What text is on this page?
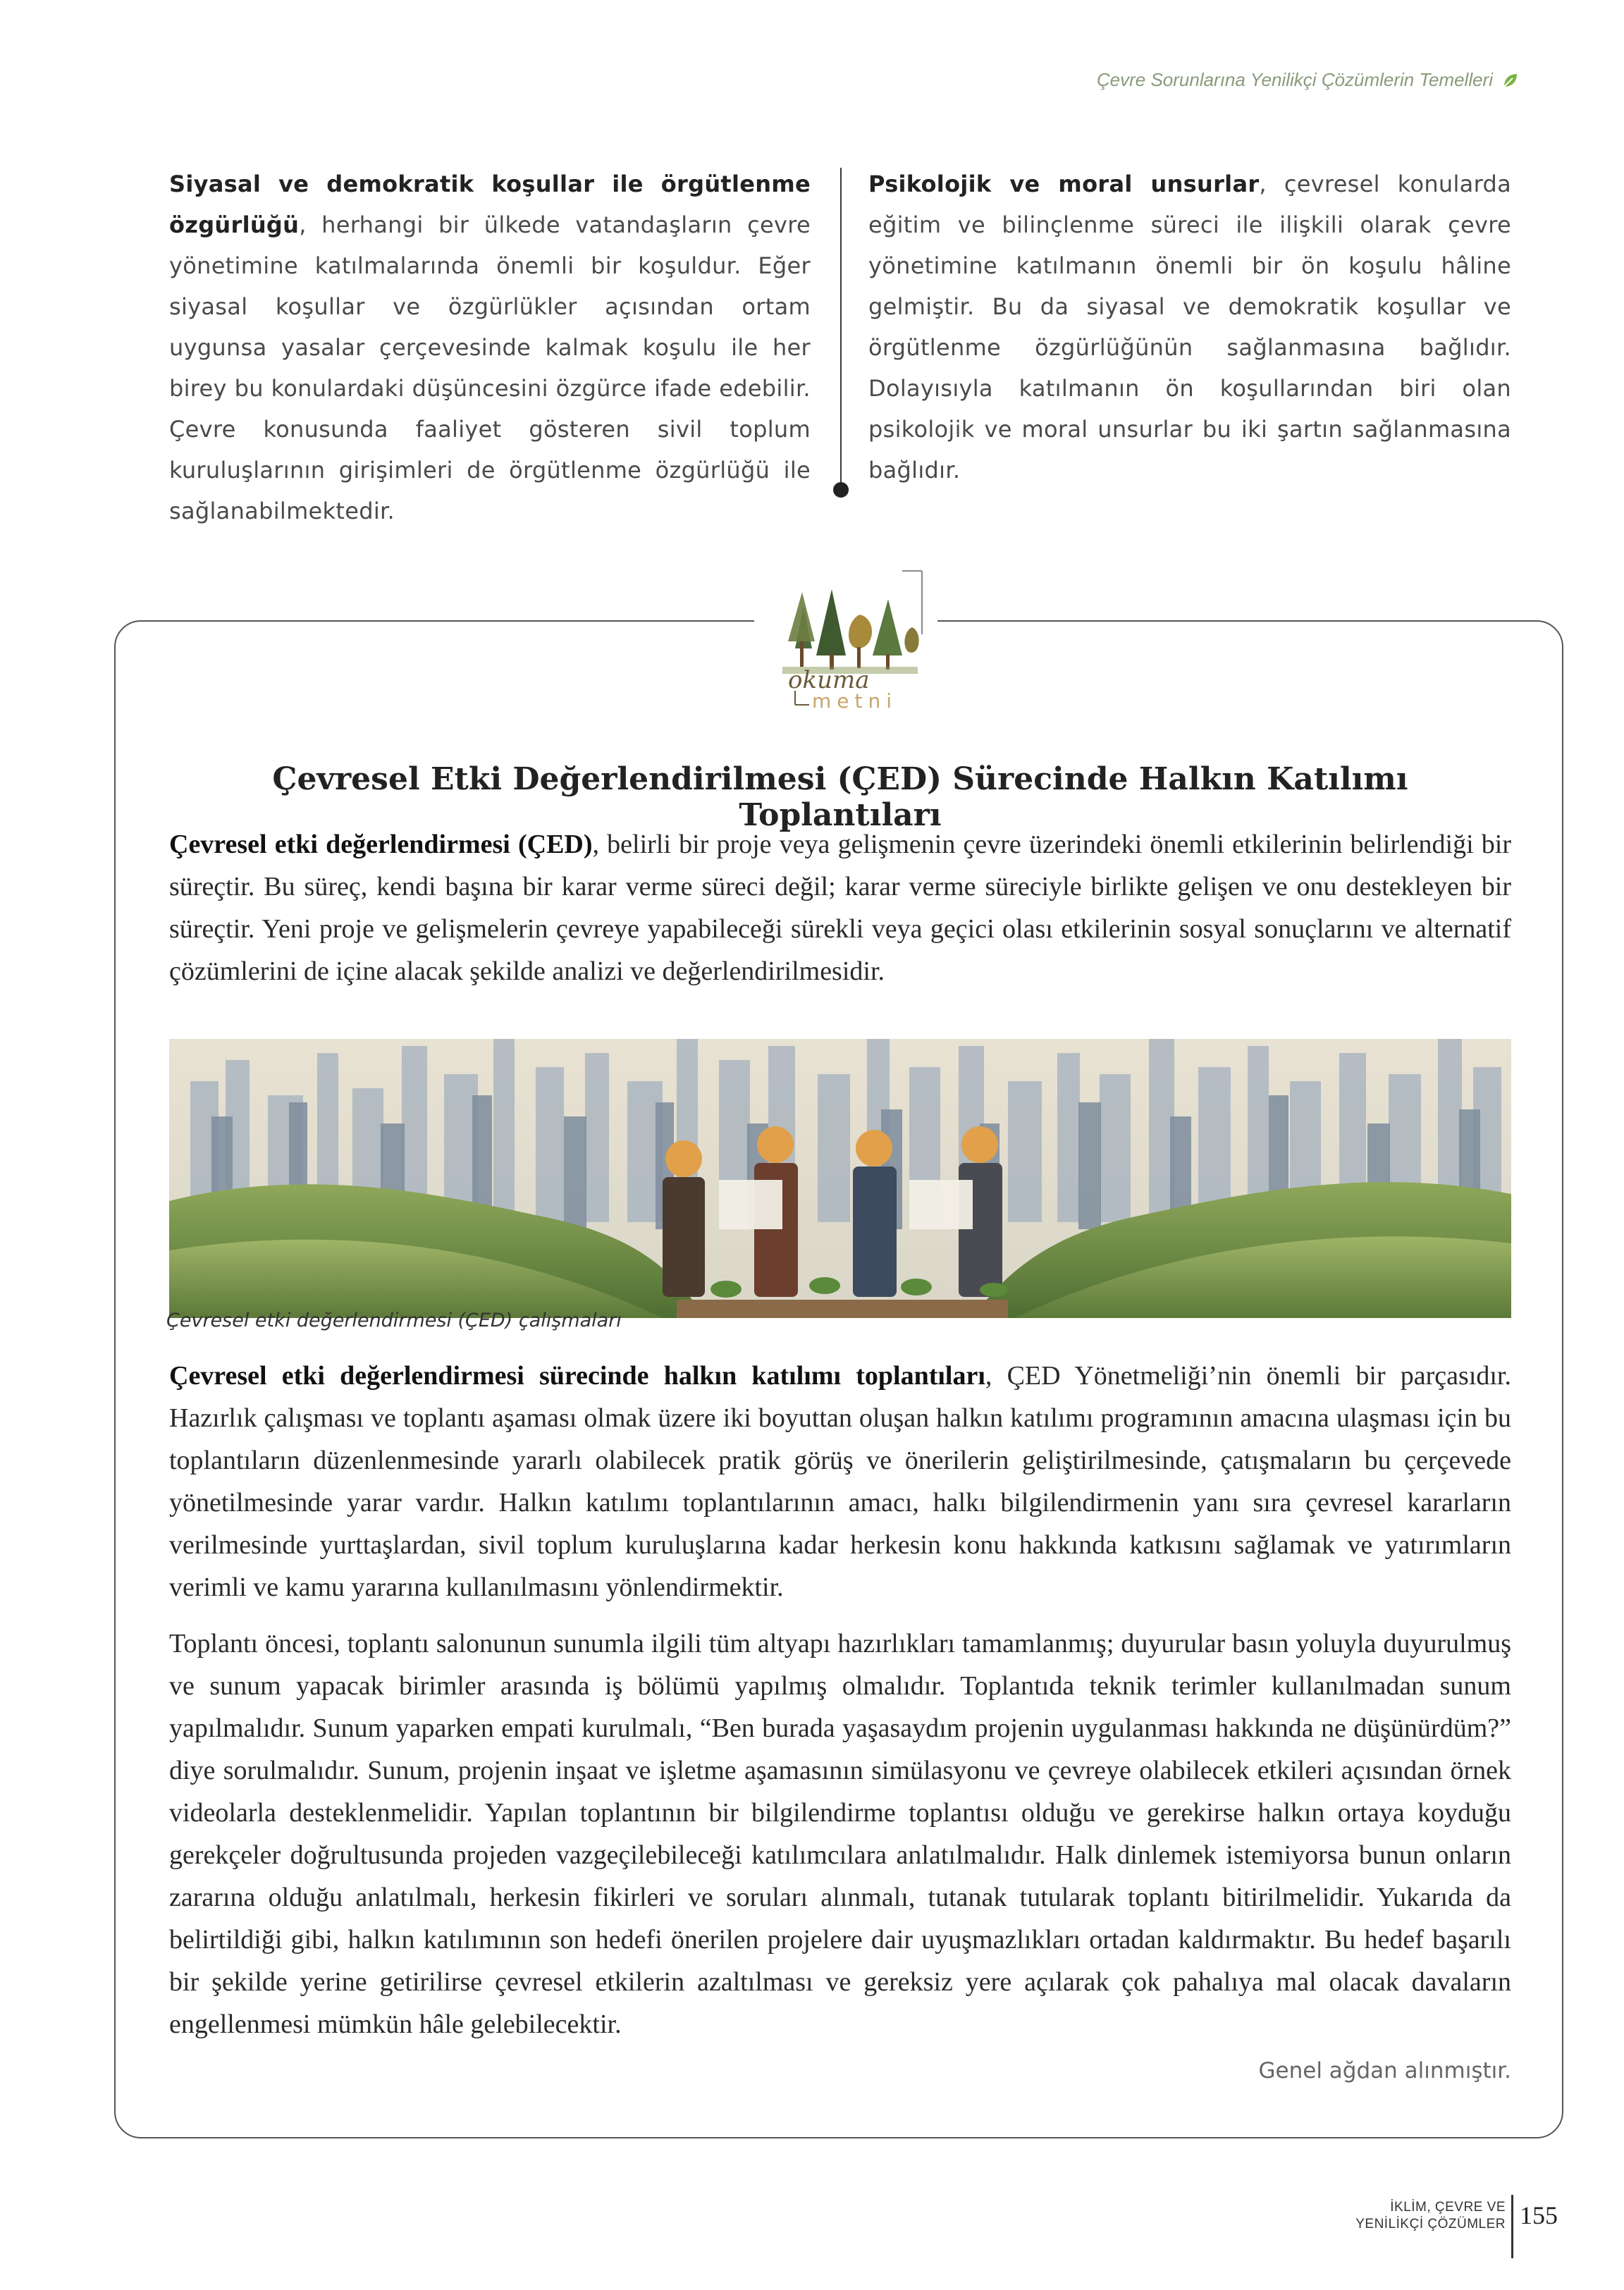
Çevre Sorunlarına Yenilikçi Çözümlerin Temelleri
Siyasal ve demokratik koşullar ile örgütlenme özgürlüğü, herhangi bir ülkede vatandaşların çevre yönetimine katılmalarında önemli bir koşuldur. Eğer siyasal koşullar ve özgürlükler açısından ortam uygunsa yasalar çerçevesinde kalmak koşulu ile her birey bu konulardaki düşüncesini özgürce ifade edebilir. Çevre konusunda faaliyet gösteren sivil toplum kuruluşlarının girişimleri de örgütlenme özgürlüğü ile sağlanabilmektedir.
Psikolojik ve moral unsurlar, çevresel konularda eğitim ve bilinçlenme süreci ile ilişkili olarak çevre yönetimine katılmanın önemli bir ön koşulu hâline gelmiştir. Bu da siyasal ve demokratik koşullar ve örgütlenme özgürlüğünün sağlanmasına bağlıdır. Dolayısıyla katılmanın ön koşullarından biri olan psikolojik ve moral unsurlar bu iki şartın sağlanmasına bağlıdır.
okuma
metni
Çevresel Etki Değerlendirilmesi (ÇED) Sürecinde Halkın Katılımı Toplantıları
Çevresel etki değerlendirmesi (ÇED), belirli bir proje veya gelişmenin çevre üzerindeki önemli etkilerinin belirlendiği bir süreçtir. Bu süreç, kendi başına bir karar verme süreci değil; karar verme süreciyle birlikte gelişen ve onu destekleyen bir süreçtir. Yeni proje ve gelişmelerin çevreye yapabileceği sürekli veya geçici olası etkilerinin sosyal sonuçlarını ve alternatif çözümlerini de içine alacak şekilde analizi ve değerlendirilmesidir.
Çevresel etki değerlendirmesi (ÇED) çalışmaları
Çevresel etki değerlendirmesi sürecinde halkın katılımı toplantıları, ÇED Yönetmeliği’nin önemli bir parçasıdır. Hazırlık çalışması ve toplantı aşaması olmak üzere iki boyuttan oluşan halkın katılımı programının amacına ulaşması için bu toplantıların düzenlenmesinde yararlı olabilecek pratik görüş ve önerilerin geliştirilmesinde, çatışmaların bu çerçevede yönetilmesinde yarar vardır. Halkın katılımı toplantılarının amacı, halkı bilgilendirmenin yanı sıra çevresel kararların verilmesinde yurttaşlardan, sivil toplum kuruluşlarına kadar herkesin konu hakkında katkısını sağlamak ve yatırımların verimli ve kamu yararına kullanılmasını yönlendirmektir.
Toplantı öncesi, toplantı salonunun sunumla ilgili tüm altyapı hazırlıkları tamamlanmış; duyurular basın yoluyla duyurulmuş ve sunum yapacak birimler arasında iş bölümü yapılmış olmalıdır. Toplantıda teknik terimler kullanılmadan sunum yapılmalıdır. Sunum yaparken empati kurulmalı, “Ben burada yaşasaydım projenin uygulanması hakkında ne düşünürdüm?” diye sorulmalıdır. Sunum, projenin inşaat ve işletme aşamasının simülasyonu ve çevreye olabilecek etkileri açısından örnek videolarla desteklenmelidir. Yapılan toplantının bir bilgilendirme toplantısı olduğu ve gerekirse halkın ortaya koyduğu gerekçeler doğrultusunda projeden vazgeçilebileceği katılımcılara anlatılmalıdır. Halk dinlemek istemiyorsa bunun onların zararına olduğu anlatılmalı, herkesin fikirleri ve soruları alınmalı, tutanak tutularak toplantı bitirilmelidir. Yukarıda da belirtildiği gibi, halkın katılımının son hedefi önerilen projelere dair uyuşmazlıkları ortadan kaldırmaktır. Bu hedef başarılı bir şekilde yerine getirilirse çevresel etkilerin azaltılması ve gereksiz yere açılarak çok pahalıya mal olacak davaların engellenmesi mümkün hâle gelebilecektir.
Genel ağdan alınmıştır.
İKLİM, ÇEVRE VE
YENİLİKÇİ ÇÖZÜMLER 155
